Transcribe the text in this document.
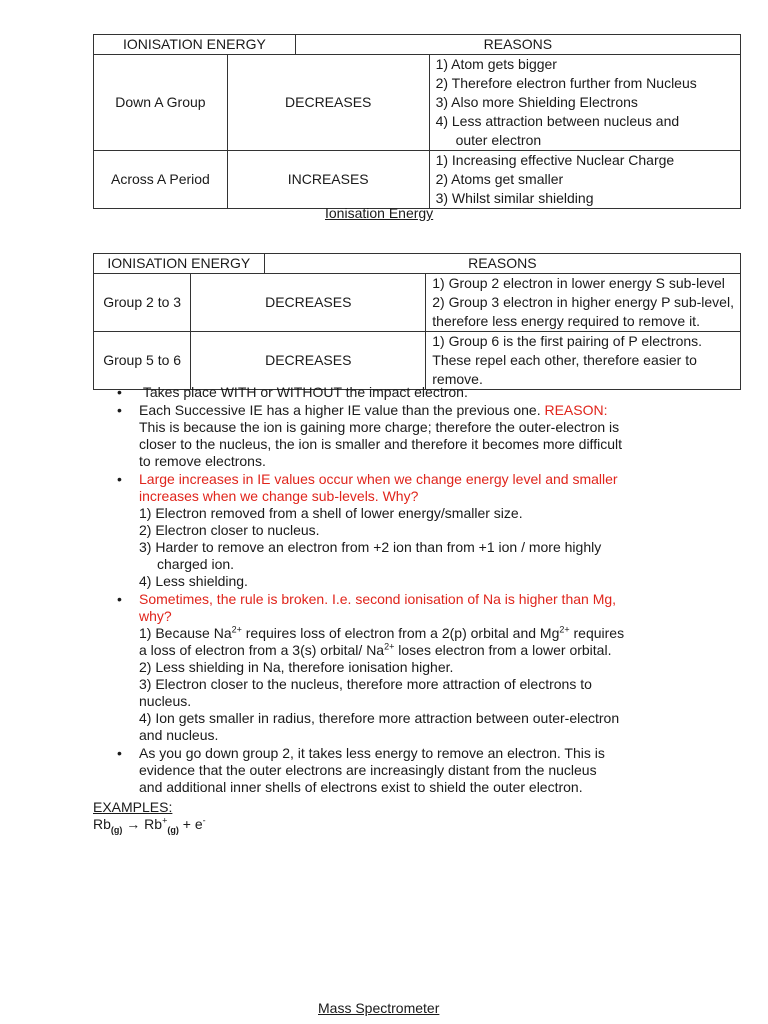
IONISATION ENERGY		REASONS	
Down A Group	DECREASES		1) Atom gets bigger
2) Therefore electron further from Nucleus
3) Also more Shielding Electrons
4) Less attraction between nucleus and
outer electron

Across A Period	INCREASES		1) Increasing effective Nuclear Charge
2) Atoms get smaller
3) Whilst similar shielding
Ionisation Energy
IONISATION ENERGY		REASONS	
Group 2 to 3	DECREASES		1) Group 2 electron in lower energy S sub-level
2) Group 3 electron in higher energy P sub-level,
therefore less energy required to remove it.

Group 5 to 6	DECREASES		1) Group 6 is the first pairing of P electrons.
These repel each other, therefore easier to
remove.
• Takes place WITH or WITHOUT the impact electron.
• Each Successive IE has a higher IE value than the previous one. REASON:
This is because the ion is gaining more charge; therefore the outer-electron is
closer to the nucleus, the ion is smaller and therefore it becomes more difficult
to remove electrons.
• Large increases in IE values occur when we change energy level and smaller
increases when we change sub-levels. Why?
1) Electron removed from a shell of lower energy/smaller size.
2) Electron closer to nucleus.
3) Harder to remove an electron from +2 ion than from +1 ion / more highly
charged ion.
4) Less shielding.
• Sometimes, the rule is broken. I.e. second ionisation of Na is higher than Mg,
why?
1) Because $Na^{2+}$ requires loss of electron from a 2(p) orbital and $Mg^{2+}$ requires
a loss of electron from a 3(s) orbital/ $Na^{2+}$ loses electron from a lower orbital.
2) Less shielding in Na, therefore ionisation higher.
3) Electron closer to the nucleus, therefore more attraction of electrons to
nucleus.
4) Ion gets smaller in radius, therefore more attraction between outer-electron
and nucleus.
• As you go down group 2, it takes less energy to remove an electron. This is
evidence that the outer electrons are increasingly distant from the nucleus
and additional inner shells of electrons exist to shield the outer electron.
EXAMPLES:
$Rb_{(g)} \to Rb^+_{(g)} + e^-$
Mass Spectrometer
